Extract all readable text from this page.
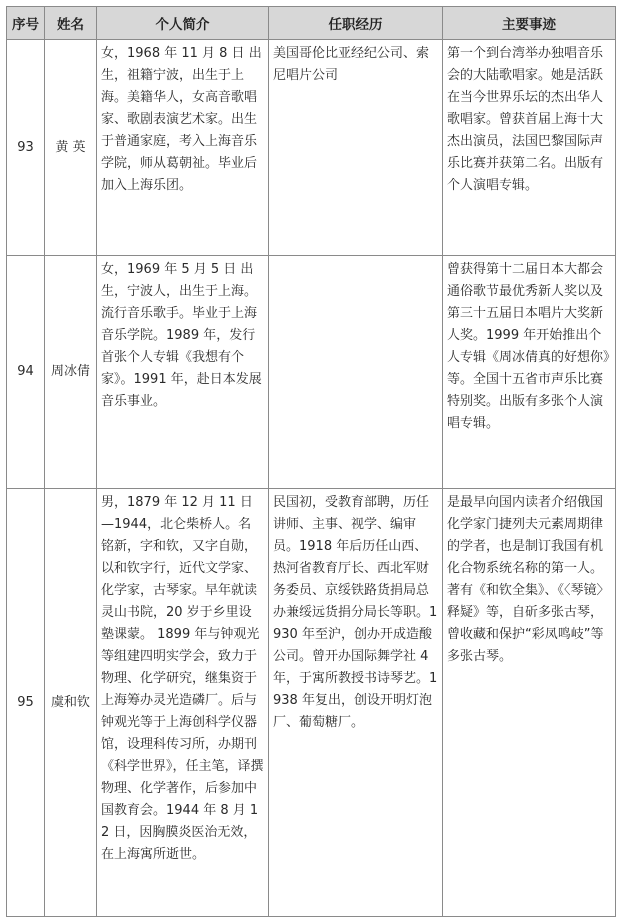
序号	姓名	个人简介	任职经历	主要事迹
93	黄 英	女，1968 年 11 月 8 日 出生，祖籍宁波，出生于上海。美籍华人，女高音歌唱家、歌剧表演艺术家。出生于普通家庭，考入上海音乐学院，师从葛朝祉。毕业后加入上海乐团。	美国哥伦比亚经纪公司、索尼唱片公司	第一个到台湾举办独唱音乐会的大陆歌唱家。她是活跃在当今世界乐坛的杰出华人歌唱家。曾获首届上海十大杰出演员，法国巴黎国际声乐比赛并获第二名。出版有个人演唱专辑。
94	周冰倩	女，1969 年 5 月 5 日 出生，宁波人，出生于上海。流行音乐歌手。毕业于上海音乐学院。1989 年，发行首张个人专辑《我想有个家》。1991 年，赴日本发展音乐事业。		曾获得第十二届日本大都会通俗歌节最优秀新人奖以及第三十五届日本唱片大奖新人奖。1999 年开始推出个人专辑《周冰倩真的好想你》等。全国十五省市声乐比赛特别奖。出版有多张个人演唱专辑。
95	虞和钦	男，1879 年 12 月 11 日 —1944，北仑柴桥人。名铭新，字和钦，又字自勋，以和钦字行，近代文学家、化学家，古琴家。早年就读灵山书院，20 岁于乡里设塾课蒙。 1899 年与钟观光等组建四明实学会，致力于物理、化学研究，继集资于上海筹办灵光造磷厂。后与钟观光等于上海创科学仪器馆，设理科传习所，办期刊《科学世界》，任主笔，译撰物理、化学著作，后参加中国教育会。1944 年 8 月 12 日，因胸膜炎医治无效，在上海寓所逝世。	民国初，受教育部聘，历任讲师、主事、视学、编审员。1918 年后历任山西、热河省教育厅长、西北军财务委员、京绥铁路货捐局总办兼绥远货捐分局长等职。1930 年至沪，创办开成造酸公司。曾开办国际舞学社 4 年，于寓所教授书诗琴艺。1938 年复出，创设开明灯泡厂、葡萄糖厂。	是最早向国内读者介绍俄国化学家门捷列夫元素周期律的学者，也是制订我国有机化合物系统名称的第一人。著有《和钦全集》、《〈琴镜〉释疑》等，自斫多张古琴，曾收藏和保护“彩凤鸣岐”等多张古琴。
